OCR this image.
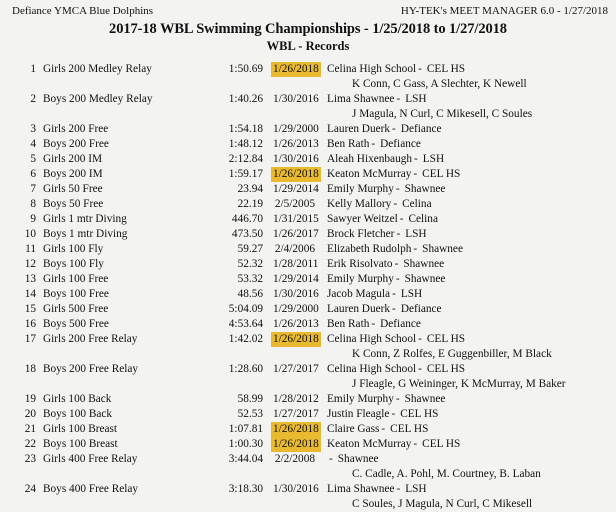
Defiance YMCA Blue Dolphins	HY-TEK's MEET MANAGER 6.0 - 1/27/2018
2017-18 WBL Swimming Championships - 1/25/2018 to 1/27/2018
WBL - Records
1 Girls 200 Medley Relay	1:50.69 1/26/2018 Celina High School - CEL HS
K Conn, C Gass, A Slechter, K Newell
2 Boys 200 Medley Relay	1:40.26 1/30/2016 Lima Shawnee - LSH
J Magula, N Curl, C Mikesell, C Soules
3 Girls 200 Free	1:54.18 1/29/2000 Lauren Duerk - Defiance
4 Boys 200 Free	1:48.12 1/26/2013 Ben Rath - Defiance
5 Girls 200 IM	2:12.84 1/30/2016 Aleah Hixenbaugh - LSH
6 Boys 200 IM	1:59.17 1/26/2018 Keaton McMurray - CEL HS
7 Girls 50 Free	23.94 1/29/2014 Emily Murphy - Shawnee
8 Boys 50 Free	22.19	2/5/2005	Kelly Mallory - Celina
9 Girls 1 mtr Diving	446.70 1/31/2015 Sawyer Weitzel - Celina
10 Boys 1 mtr Diving	473.50 1/26/2017 Brock Fletcher - LSH
11 Girls 100 Fly	59.27	2/4/2006	Elizabeth Rudolph - Shawnee
12 Boys 100 Fly	52.32 1/28/2011 Erik Risolvato - Shawnee
13 Girls 100 Free	53.32 1/29/2014 Emily Murphy - Shawnee
14 Boys 100 Free	48.56 1/30/2016 Jacob Magula - LSH
15 Girls 500 Free	5:04.09 1/29/2000 Lauren Duerk - Defiance
16 Boys 500 Free	4:53.64 1/26/2013 Ben Rath - Defiance
17 Girls 200 Free Relay	1:42.02 1/26/2018 Celina High School - CEL HS
K Conn, Z Rolfes, E Guggenbiller, M Black
18 Boys 200 Free Relay	1:28.60 1/27/2017 Celina High School - CEL HS
J Fleagle, G Weininger, K McMurray, M Baker
19 Girls 100 Back	58.99 1/28/2012 Emily Murphy - Shawnee
20 Boys 100 Back	52.53 1/27/2017 Justin Fleagle - CEL HS
21 Girls 100 Breast	1:07.81 1/26/2018 Claire Gass - CEL HS
22 Boys 100 Breast	1:00.30 1/26/2018 Keaton McMurray - CEL HS
23 Girls 400 Free Relay	3:44.04	2/2/2008	- Shawnee
C. Cadle, A. Pohl, M. Courtney, B. Laban
24 Boys 400 Free Relay	3:18.30 1/30/2016 Lima Shawnee - LSH
C Soules, J Magula, N Curl, C Mikesell
